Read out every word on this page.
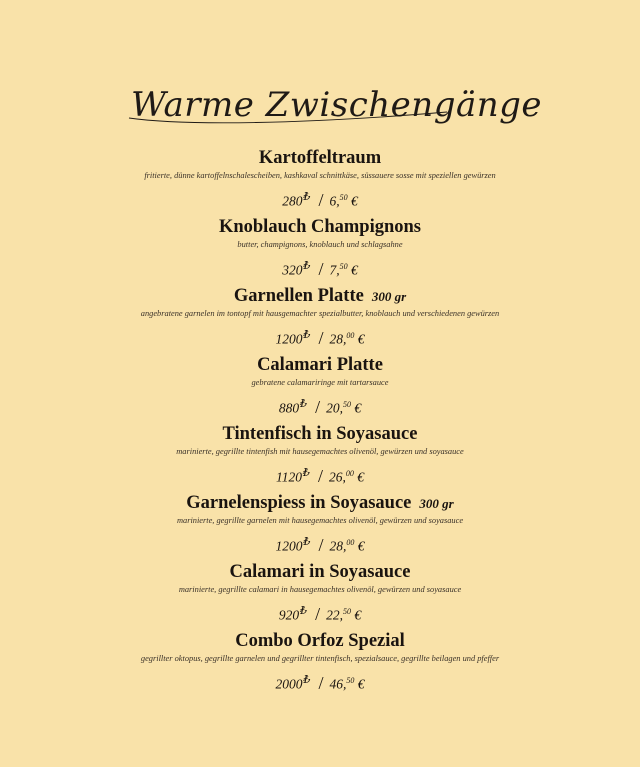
Warme Zwischengänge
Kartoffeltraum
fritierte, dünne kartoffelnschalescheiben, kashkaval schnittkäse, süssauere sosse mit speziellen gewürzen
280₺ / 6,50 €
Knoblauch Champignons
butter, champignons, knoblauch und schlagsahne
320₺ / 7,50 €
Garnellen Platte 300 gr
angebratene garnelen im tontopf mit hausgemachter spezialbutter, knoblauch und verschiedenen gewürzen
1200₺ / 28,00 €
Calamari Platte
gebratene calamariringe mit tartarsauce
880₺ / 20,50 €
Tintenfisch in Soyasauce
marinierte, gegrillte tintenfish mit hausegemachtes olivenöl, gewürzen und soyasauce
1120₺ / 26,00 €
Garnelenspiess in Soyasauce 300 gr
marinierte, gegrillte garnelen mit hausegemachtes olivenöl, gewürzen und soyasauce
1200₺ / 28,00 €
Calamari in Soyasauce
marinierte, gegrillte calamari in hausegemachtes olivenöl, gewürzen und soyasauce
920₺ / 22,50 €
Combo Orfoz Spezial
gegrillter oktopus, gegrillte garnelen und gegrillter tintenfisch, spezialsauce, gegrillte beilagen und pfeffer
2000₺ / 46,50 €
